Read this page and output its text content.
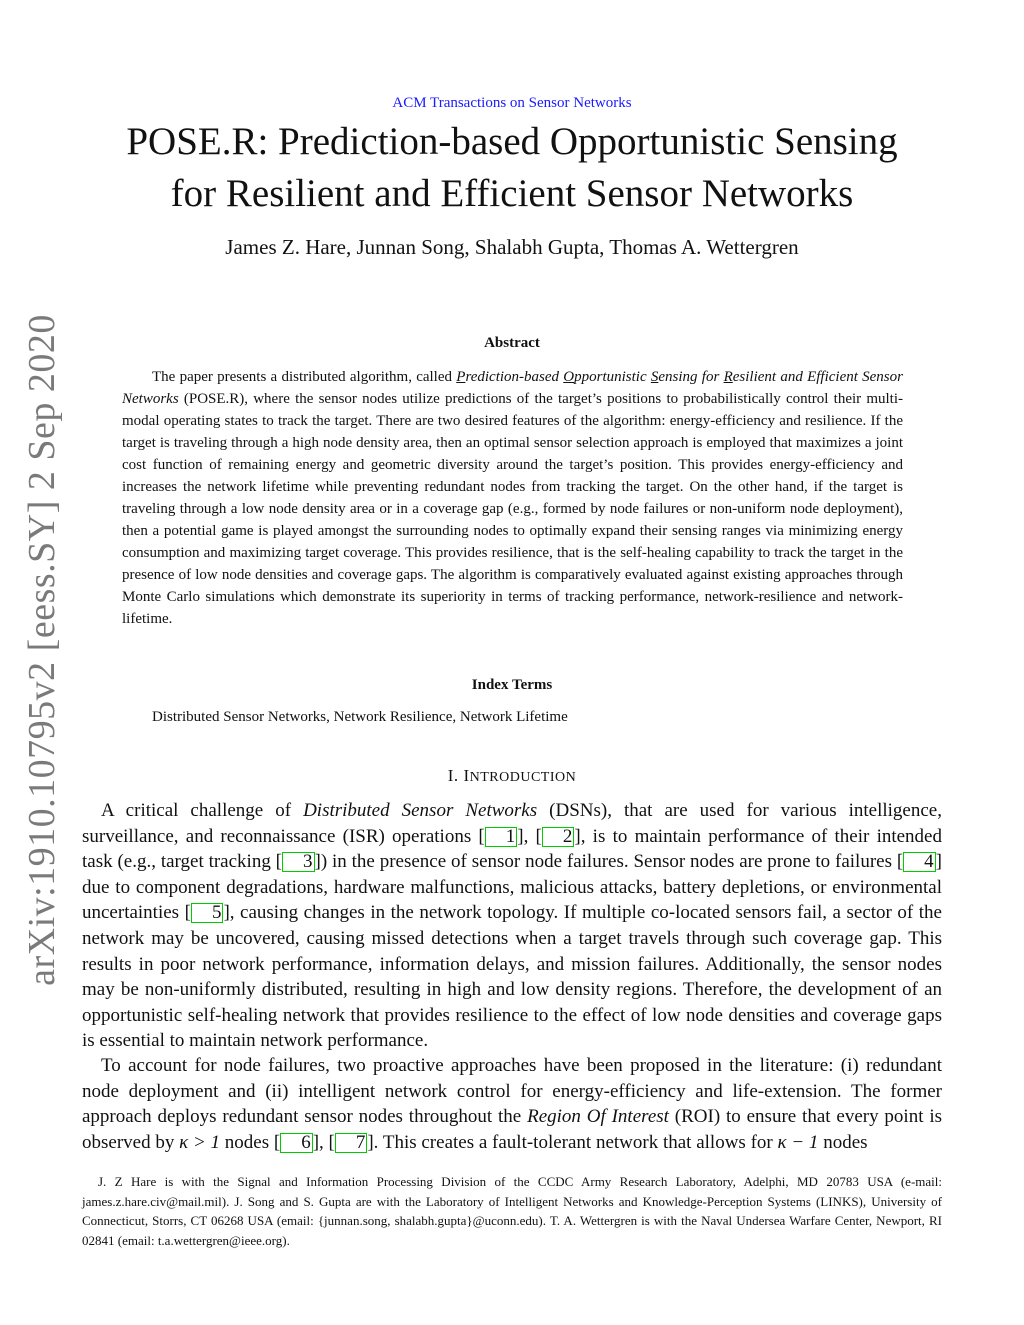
arXiv:1910.10795v2 [eess.SY] 2 Sep 2020
ACM Transactions on Sensor Networks
POSE.R: Prediction-based Opportunistic Sensing
for Resilient and Efficient Sensor Networks
James Z. Hare, Junnan Song, Shalabh Gupta, Thomas A. Wettergren
Abstract

The paper presents a distributed algorithm, called Prediction-based Opportunistic Sensing for Resilient and Efficient Sensor Networks (POSE.R), where the sensor nodes utilize predictions of the target’s positions to probabilistically control their multi-modal operating states to track the target. There are two desired features of the algorithm: energy-efficiency and resilience. If the target is traveling through a high node density area, then an optimal sensor selection approach is employed that maximizes a joint cost function of remaining energy and geometric diversity around the target’s position. This provides energy-efficiency and increases the network lifetime while preventing redundant nodes from tracking the target. On the other hand, if the target is traveling through a low node density area or in a coverage gap (e.g., formed by node failures or non-uniform node deployment), then a potential game is played amongst the surrounding nodes to optimally expand their sensing ranges via minimizing energy consumption and maximizing target coverage. This provides resilience, that is the self-healing capability to track the target in the presence of low node densities and coverage gaps. The algorithm is comparatively evaluated against existing approaches through Monte Carlo simulations which demonstrate its superiority in terms of tracking performance, network-resilience and network-lifetime.

Index Terms
Distributed Sensor Networks, Network Resilience, Network Lifetime
I. INTRODUCTION

A critical challenge of Distributed Sensor Networks (DSNs), that are used for various intelligence, surveillance, and reconnaissance (ISR) operations [ 1 ], [ 2 ], is to maintain performance of their intended task (e.g., target tracking [ 3 ]) in the presence of sensor node failures. Sensor nodes are prone to failures [ 4 ] due to component degradations, hardware malfunctions, malicious attacks, battery depletions, or environmental uncertainties [ 5 ], causing changes in the network topology. If multiple co-located sensors fail, a sector of the network may be uncovered, causing missed detections when a target travels through such coverage gap. This results in poor network performance, information delays, and mission failures. Additionally, the sensor nodes may be non-uniformly distributed, resulting in high and low density regions. Therefore, the development of an opportunistic self-healing network that provides resilience to the effect of low node densities and coverage gaps is essential to maintain network performance.

To account for node failures, two proactive approaches have been proposed in the literature: (i) redundant node deployment and (ii) intelligent network control for energy-efficiency and life-extension. The former approach deploys redundant sensor nodes throughout the Region Of Interest (ROI) to ensure that every point is observed by κ > 1 nodes [ 6 ], [ 7 ]. This creates a fault-tolerant network that allows for κ − 1 nodes

J. Z Hare is with the Signal and Information Processing Division of the CCDC Army Research Laboratory, Adelphi, MD 20783 USA (e-mail: james.z.hare.civ@mail.mil). J. Song and S. Gupta are with the Laboratory of Intelligent Networks and Knowledge-Perception Systems (LINKS), University of Connecticut, Storrs, CT 06268 USA (email: {junnan.song, shalabh.gupta}@uconn.edu). T. A. Wettergren is with the Naval Undersea Warfare Center, Newport, RI 02841 (email: t.a.wettergren@ieee.org).
